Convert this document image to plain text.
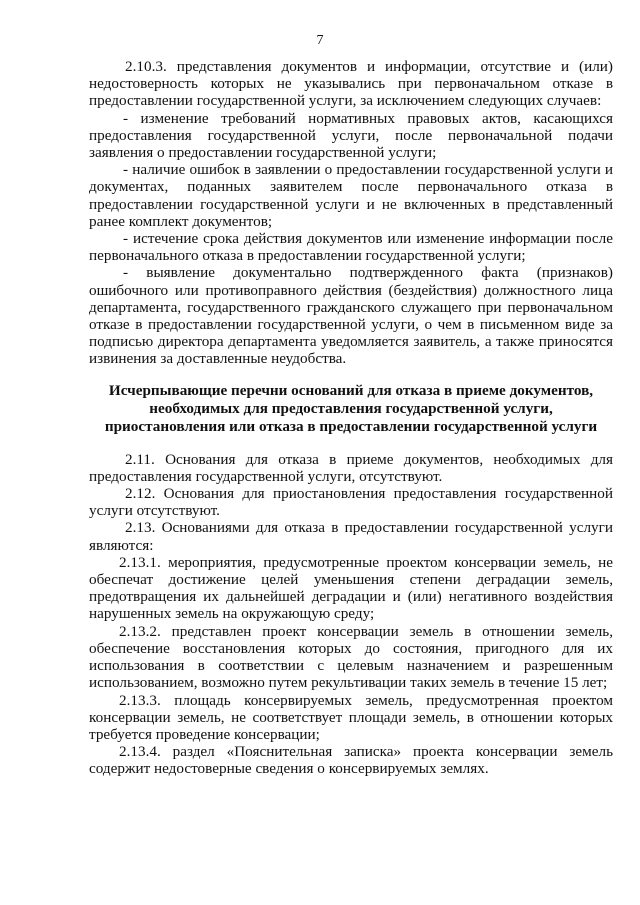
7

2.10.3. представления документов и информации, отсутствие и (или) недостоверность которых не указывались при первоначальном отказе в предоставлении государственной услуги, за исключением следующих случаев:

- изменение требований нормативных правовых актов, касающихся предоставления государственной услуги, после первоначальной подачи заявления о предоставлении государственной услуги;

- наличие ошибок в заявлении о предоставлении государственной услуги и документах, поданных заявителем после первоначального отказа в предоставлении государственной услуги и не включенных в представленный ранее комплект документов;

- истечение срока действия документов или изменение информации после первоначального отказа в предоставлении государственной услуги;

- выявление документально подтвержденного факта (признаков) ошибочного или противоправного действия (бездействия) должностного лица департамента, государственного гражданского служащего при первоначальном отказе в предоставлении государственной услуги, о чем в письменном виде за подписью директора департамента уведомляется заявитель, а также приносятся извинения за доставленные неудобства.

Исчерпывающие перечни оснований для отказа в приеме документов, необходимых для предоставления государственной услуги, приостановления или отказа в предоставлении государственной услуги

2.11. Основания для отказа в приеме документов, необходимых для предоставления государственной услуги, отсутствуют.

2.12. Основания для приостановления предоставления государственной услуги отсутствуют.

2.13. Основаниями для отказа в предоставлении государственной услуги являются:

2.13.1. мероприятия, предусмотренные проектом консервации земель, не обеспечат достижение целей уменьшения степени деградации земель, предотвращения их дальнейшей деградации и (или) негативного воздействия нарушенных земель на окружающую среду;

2.13.2. представлен проект консервации земель в отношении земель, обеспечение восстановления которых до состояния, пригодного для их использования в соответствии с целевым назначением и разрешенным использованием, возможно путем рекультивации таких земель в течение 15 лет;

2.13.3. площадь консервируемых земель, предусмотренная проектом консервации земель, не соответствует площади земель, в отношении которых требуется проведение консервации;

2.13.4. раздел «Пояснительная записка» проекта консервации земель содержит недостоверные сведения о консервируемых землях.
